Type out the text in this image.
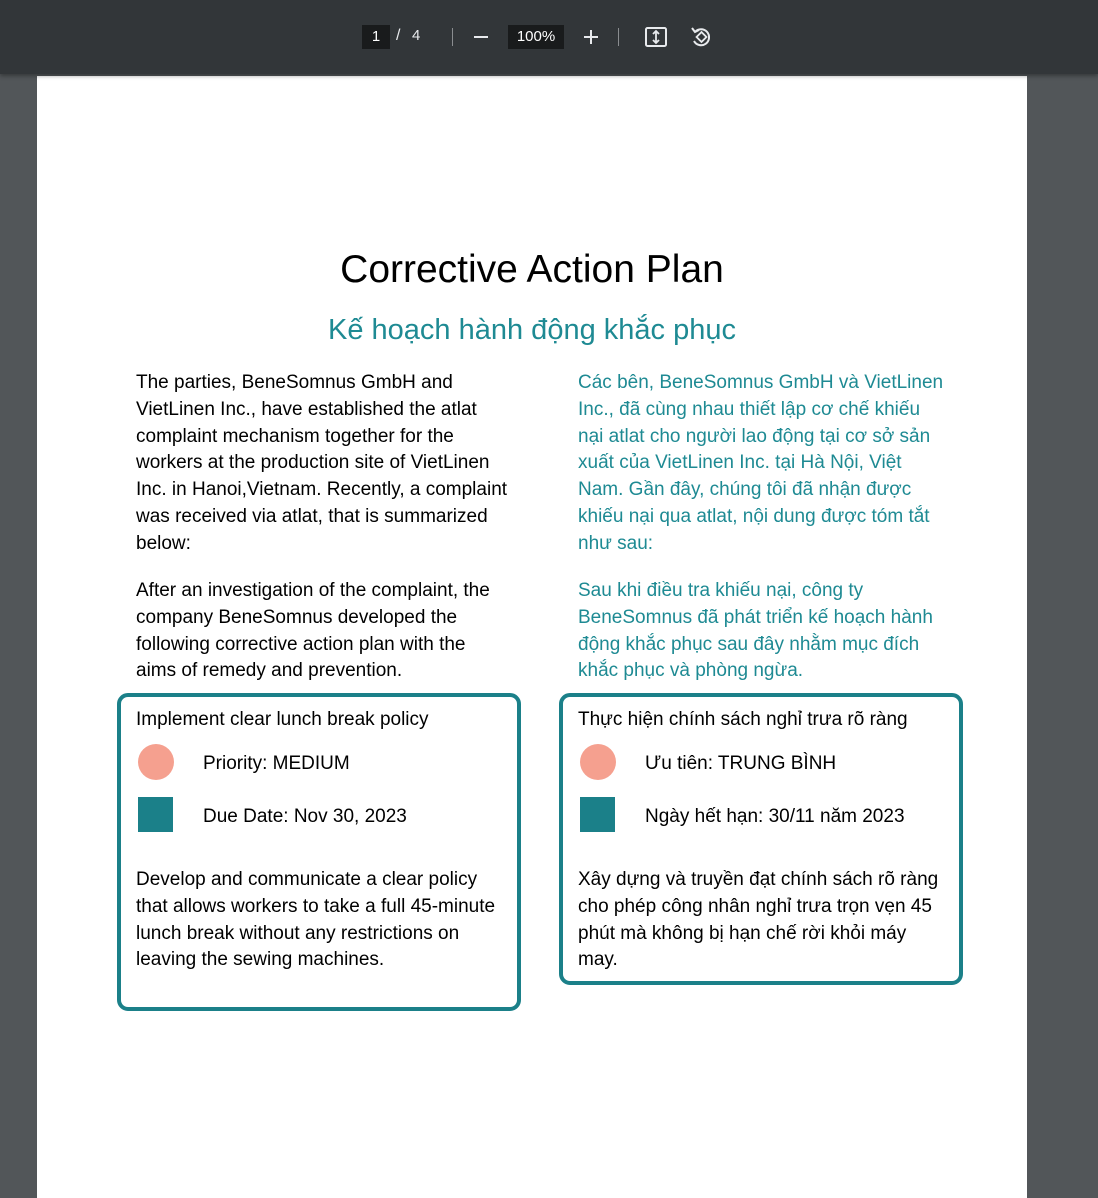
1 / 4	100%
Corrective Action Plan
Kế hoạch hành động khắc phục
The parties, BeneSomnus GmbH and VietLinen Inc., have established the atlat complaint mechanism together for the workers at the production site of VietLinen Inc. in Hanoi,Vietnam. Recently, a complaint was received via atlat, that is summarized below:
After an investigation of the complaint, the company BeneSomnus developed the following corrective action plan with the aims of remedy and prevention.
Các bên, BeneSomnus GmbH và VietLinen Inc., đã cùng nhau thiết lập cơ chế khiếu nại atlat cho người lao động tại cơ sở sản xuất của VietLinen Inc. tại Hà Nội, Việt Nam. Gần đây, chúng tôi đã nhận được khiếu nại qua atlat, nội dung được tóm tắt như sau:
Sau khi điều tra khiếu nại, công ty BeneSomnus đã phát triển kế hoạch hành động khắc phục sau đây nhằm mục đích khắc phục và phòng ngừa.
Implement clear lunch break policy
Priority: MEDIUM
Due Date: Nov 30, 2023
Develop and communicate a clear policy that allows workers to take a full 45-minute lunch break without any restrictions on leaving the sewing machines.
Thực hiện chính sách nghỉ trưa rõ ràng
Ưu tiên: TRUNG BÌNH
Ngày hết hạn: 30/11 năm 2023
Xây dựng và truyền đạt chính sách rõ ràng cho phép công nhân nghỉ trưa trọn vẹn 45 phút mà không bị hạn chế rời khỏi máy may.
